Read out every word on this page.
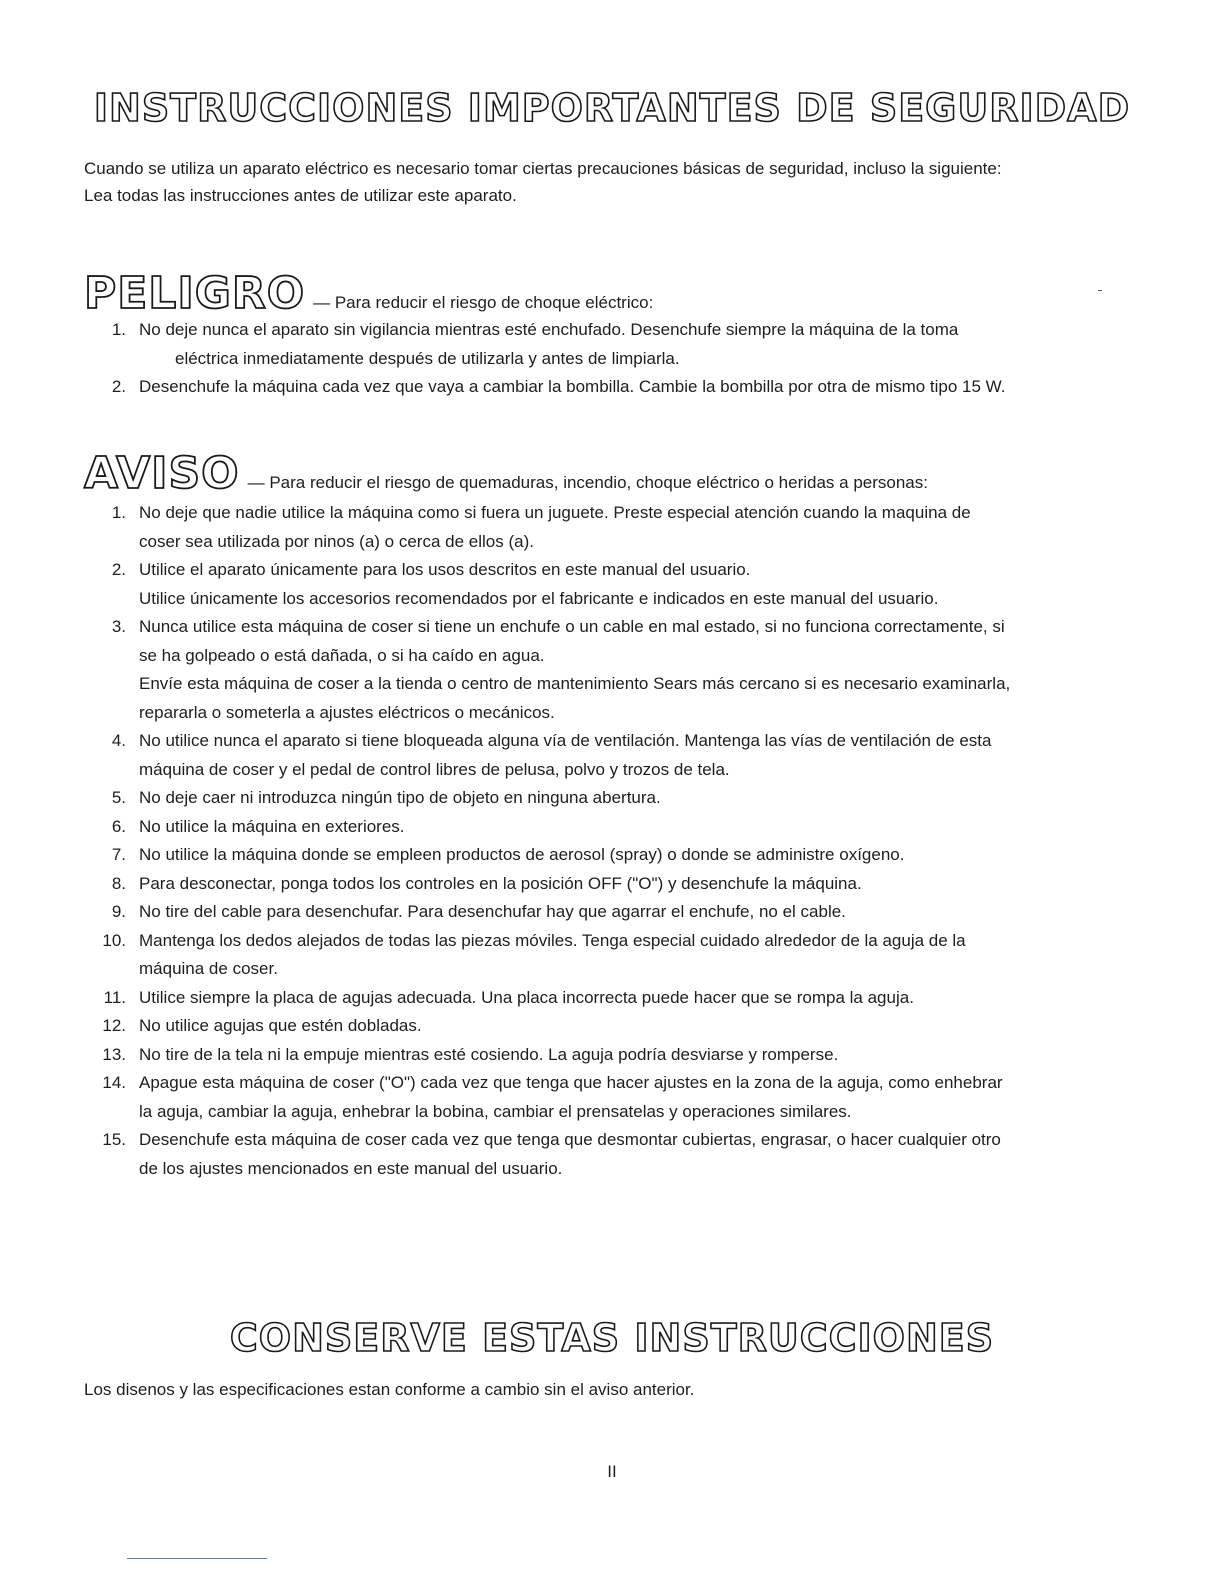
INSTRUCCIONES IMPORTANTES DE SEGURIDAD
Cuando se utiliza un aparato eléctrico es necesario tomar ciertas precauciones básicas de seguridad, incluso la siguiente:
Lea todas las instrucciones antes de utilizar este aparato.
PELIGRO — Para reducir el riesgo de choque eléctrico:
1. No deje nunca el aparato sin vigilancia mientras esté enchufado. Desenchufe siempre la máquina de la toma
eléctrica inmediatamente después de utilizarla y antes de limpiarla.
2. Desenchufe la máquina cada vez que vaya a cambiar la bombilla. Cambie la bombilla por otra de mismo tipo 15 W.
AVISO — Para reducir el riesgo de quemaduras, incendio, choque eléctrico o heridas a personas:
1. No deje que nadie utilice la máquina como si fuera un juguete. Preste especial atención cuando la maquina de
coser sea utilizada por ninos (a) o cerca de ellos (a).
2. Utilice el aparato únicamente para los usos descritos en este manual del usuario.
Utilice únicamente los accesorios recomendados por el fabricante e indicados en este manual del usuario.
3. Nunca utilice esta máquina de coser si tiene un enchufe o un cable en mal estado, si no funciona correctamente, si
se ha golpeado o está dañada, o si ha caído en agua.
Envíe esta máquina de coser a la tienda o centro de mantenimiento Sears más cercano si es necesario examinarla,
repararla o someterla a ajustes eléctricos o mecánicos.
4. No utilice nunca el aparato si tiene bloqueada alguna vía de ventilación. Mantenga las vías de ventilación de esta
máquina de coser y el pedal de control libres de pelusa, polvo y trozos de tela.
5. No deje caer ni introduzca ningún tipo de objeto en ninguna abertura.
6. No utilice la máquina en exteriores.
7. No utilice la máquina donde se empleen productos de aerosol (spray) o donde se administre oxígeno.
8. Para desconectar, ponga todos los controles en la posición OFF ("O") y desenchufe la máquina.
9. No tire del cable para desenchufar. Para desenchufar hay que agarrar el enchufe, no el cable.
10. Mantenga los dedos alejados de todas las piezas móviles. Tenga especial cuidado alrededor de la aguja de la
máquina de coser.
11. Utilice siempre la placa de agujas adecuada. Una placa incorrecta puede hacer que se rompa la aguja.
12. No utilice agujas que estén dobladas.
13. No tire de la tela ni la empuje mientras esté cosiendo. La aguja podría desviarse y romperse.
14. Apague esta máquina de coser ("O") cada vez que tenga que hacer ajustes en la zona de la aguja, como enhebrar
la aguja, cambiar la aguja, enhebrar la bobina, cambiar el prensatelas y operaciones similares.
15. Desenchufe esta máquina de coser cada vez que tenga que desmontar cubiertas, engrasar, o hacer cualquier otro
de los ajustes mencionados en este manual del usuario.
CONSERVE ESTAS INSTRUCCIONES
Los disenos y las especificaciones estan conforme a cambio sin el aviso anterior.
II
